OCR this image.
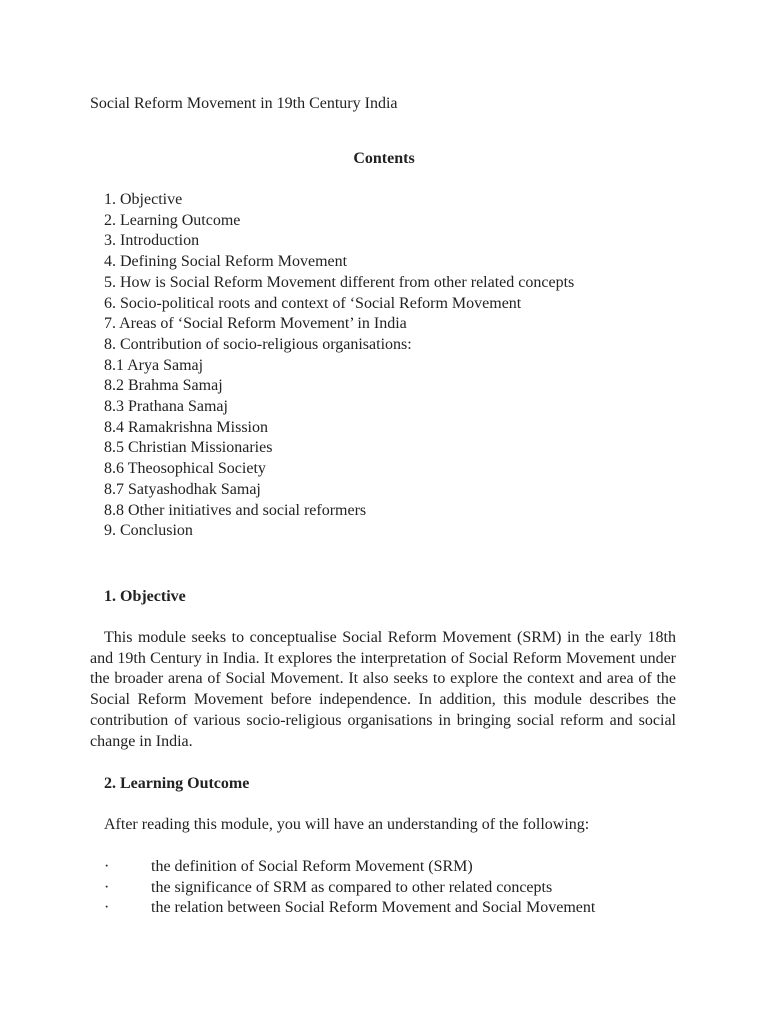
Social Reform Movement in 19th Century India
Contents
1. Objective
2. Learning Outcome
3. Introduction
4. Defining Social Reform Movement
5. How is Social Reform Movement different from other related concepts
6. Socio-political roots and context of ‘Social Reform Movement
7. Areas of ‘Social Reform Movement’ in India
8. Contribution of socio-religious organisations:
8.1 Arya Samaj
8.2 Brahma Samaj
8.3 Prathana Samaj
8.4 Ramakrishna Mission
8.5 Christian Missionaries
8.6 Theosophical Society
8.7 Satyashodhak Samaj
8.8 Other initiatives and social reformers
9. Conclusion
1. Objective

This module seeks to conceptualise Social Reform Movement (SRM) in the early 18th and 19th Century in India. It explores the interpretation of Social Reform Movement under the broader arena of Social Movement. It also seeks to explore the context and area of the Social Reform Movement before independence. In addition, this module describes the contribution of various socio-religious organisations in bringing social reform and social change in India.

2. Learning Outcome

After reading this module, you will have an understanding of the following:

·	the definition of Social Reform Movement (SRM)
·	the significance of SRM as compared to other related concepts
·	the relation between Social Reform Movement and Social Movement
